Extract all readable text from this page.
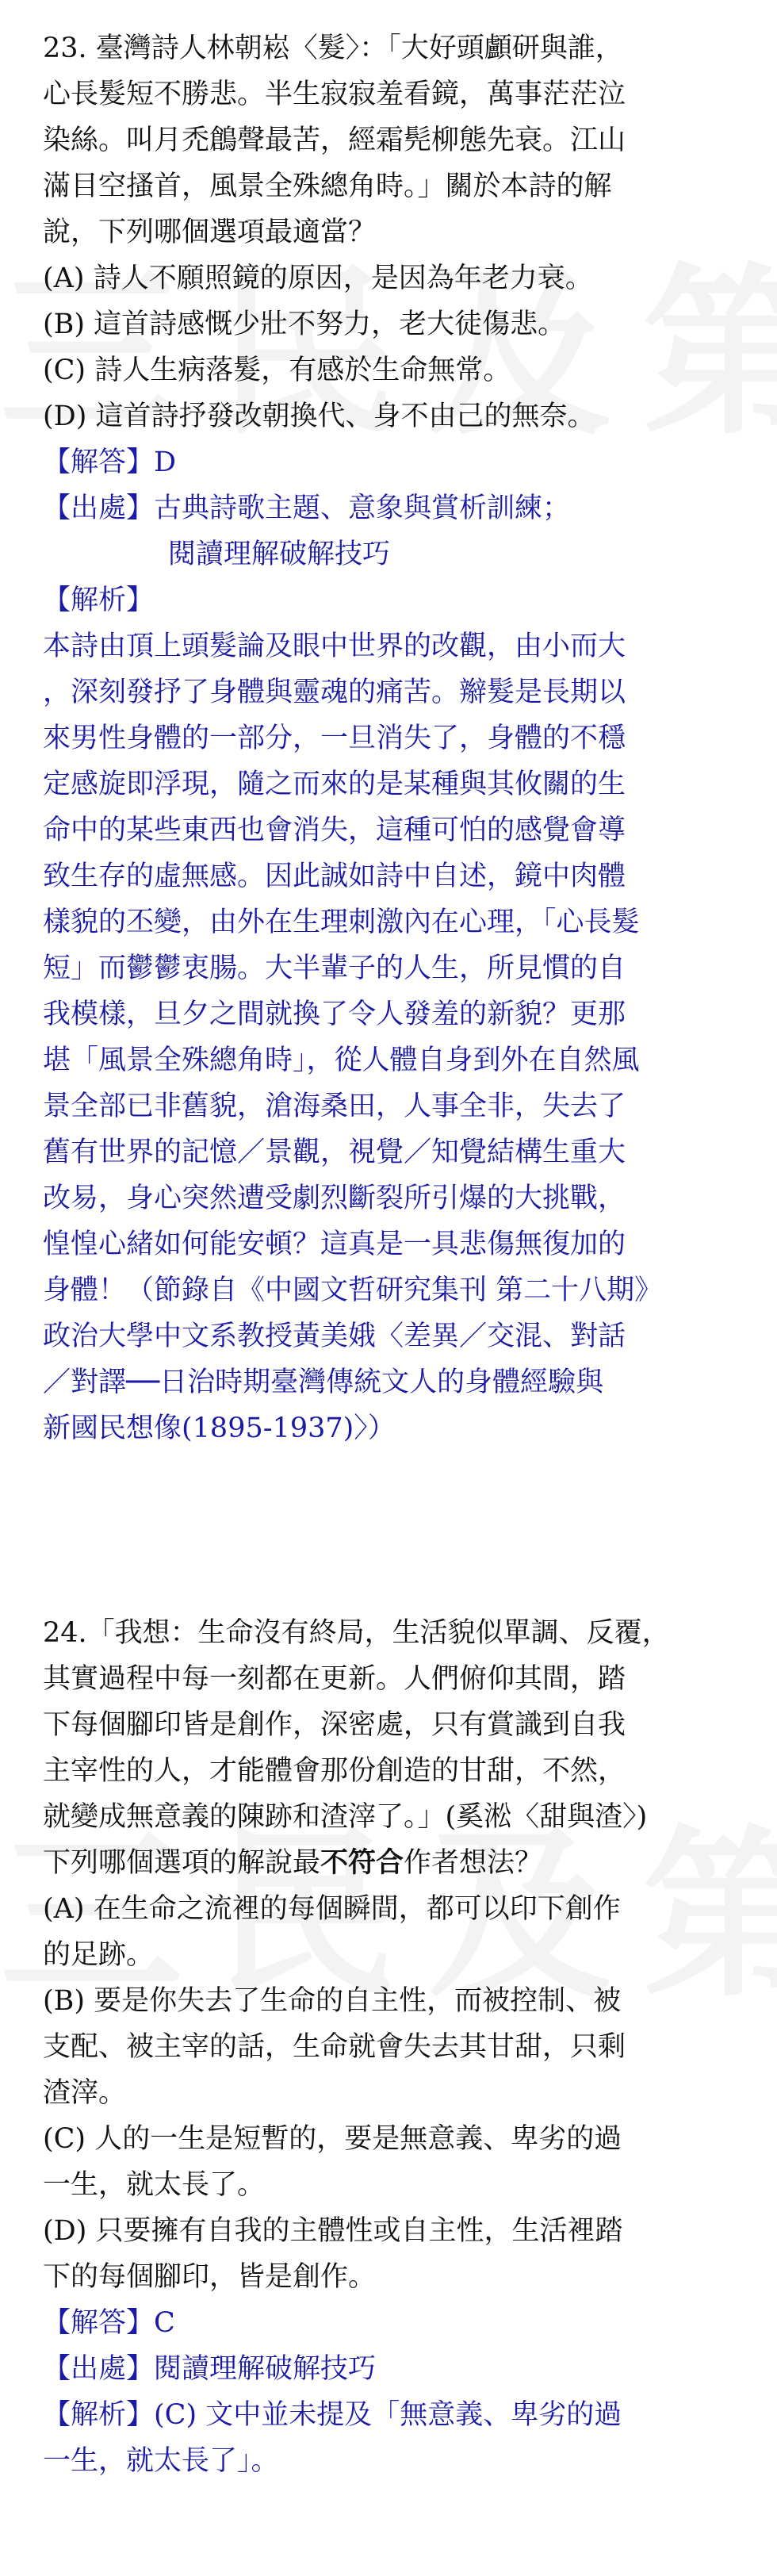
23. 臺灣詩人林朝崧〈髮〉：「大好頭顱研與誰，
心長髮短不勝悲。半生寂寂羞看鏡，萬事茫茫泣
染絲。叫月禿鶬聲最苦，經霜髡柳態先衰。江山
滿目空搔首，風景全殊總角時。」關於本詩的解
說，下列哪個選項最適當？
(A) 詩人不願照鏡的原因，是因為年老力衰。
(B) 這首詩感慨少壯不努力，老大徒傷悲。
(C) 詩人生病落髮，有感於生命無常。
(D) 這首詩抒發改朝換代、身不由己的無奈。
【解答】D
【出處】古典詩歌主題、意象與賞析訓練；
閱讀理解破解技巧
【解析】
本詩由頂上頭髮論及眼中世界的改觀，由小而大
，深刻發抒了身體與靈魂的痛苦。辮髮是長期以
來男性身體的一部分，一旦消失了，身體的不穩
定感旋即浮現，隨之而來的是某種與其攸關的生
命中的某些東西也會消失，這種可怕的感覺會導
致生存的虛無感。因此誠如詩中自述，鏡中肉體
樣貌的丕變，由外在生理刺激內在心理，「心長髮
短」而鬱鬱衷腸。大半輩子的人生，所見慣的自
我模樣，旦夕之間就換了令人發羞的新貌？更那
堪「風景全殊總角時」，從人體自身到外在自然風
景全部已非舊貌，滄海桑田，人事全非，失去了
舊有世界的記憶／景觀，視覺／知覺結構生重大
改易，身心突然遭受劇烈斷裂所引爆的大挑戰，
惶惶心緒如何能安頓？這真是一具悲傷無復加的
身體！（節錄自《中國文哲研究集刊 第二十八期》
政治大學中文系教授黃美娥〈差異／交混、對話
／對譯──日治時期臺灣傳統文人的身體經驗與
新國民想像(1895-1937)〉）
24.「我想：生命沒有終局，生活貌似單調、反覆，
其實過程中每一刻都在更新。人們俯仰其間，踏
下每個腳印皆是創作，深密處，只有賞識到自我
主宰性的人，才能體會那份創造的甘甜，不然，
就變成無意義的陳跡和渣滓了。」(奚淞〈甜與渣〉)
下列哪個選項的解說最不符合作者想法？
(A) 在生命之流裡的每個瞬間，都可以印下創作
的足跡。
(B) 要是你失去了生命的自主性，而被控制、被
支配、被主宰的話，生命就會失去其甘甜，只剩
渣滓。
(C) 人的一生是短暫的，要是無意義、卑劣的過
一生，就太長了。
(D) 只要擁有自我的主體性或自主性，生活裡踏
下的每個腳印，皆是創作。
【解答】C
【出處】閱讀理解破解技巧
【解析】(C) 文中並未提及「無意義、卑劣的過
一生，就太長了」。
